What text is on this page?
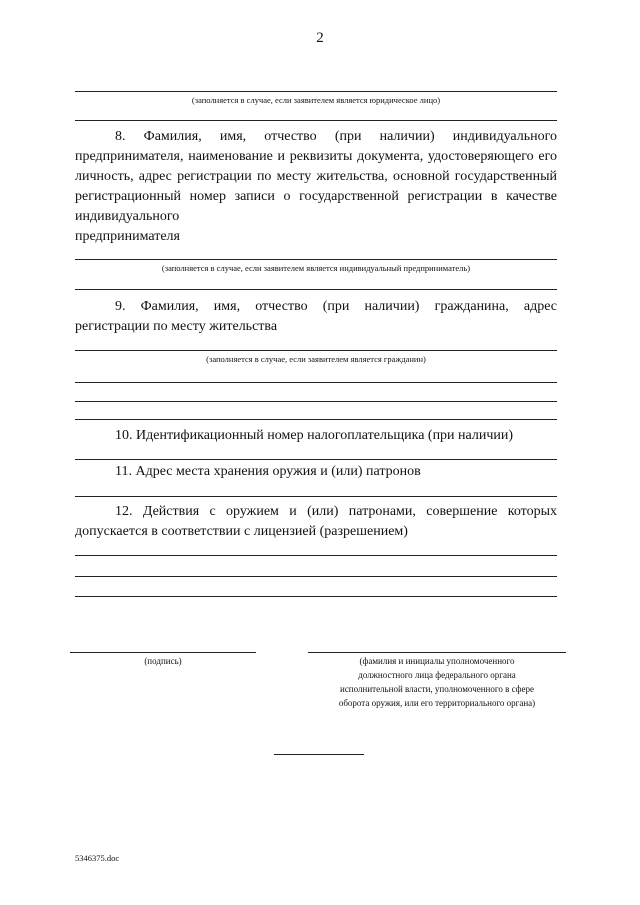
2
(заполняется в случае, если заявителем является юридическое лицо)
8. Фамилия, имя, отчество (при наличии) индивидуального предпринимателя, наименование и реквизиты документа, удостоверяющего его личность, адрес регистрации по месту жительства, основной государственный регистрационный номер записи о государственной регистрации в качестве индивидуального
предпринимателя
(заполняется в случае, если заявителем является индивидуальный предприниматель)
9. Фамилия, имя, отчество (при наличии) гражданина, адрес
регистрации по месту жительства
(заполняется в случае, если заявителем является гражданин)
10. Идентификационный номер налогоплательщика (при наличии)
11. Адрес места хранения оружия и (или) патронов
12. Действия с оружием и (или) патронами, совершение которых
допускается в соответствии с лицензией (разрешением)
(подпись)	(фамилия и инициалы уполномоченного
должностного лица федерального органа
исполнительной власти, уполномоченного в сфере
оборота оружия, или его территориального органа)
5346375.doc
